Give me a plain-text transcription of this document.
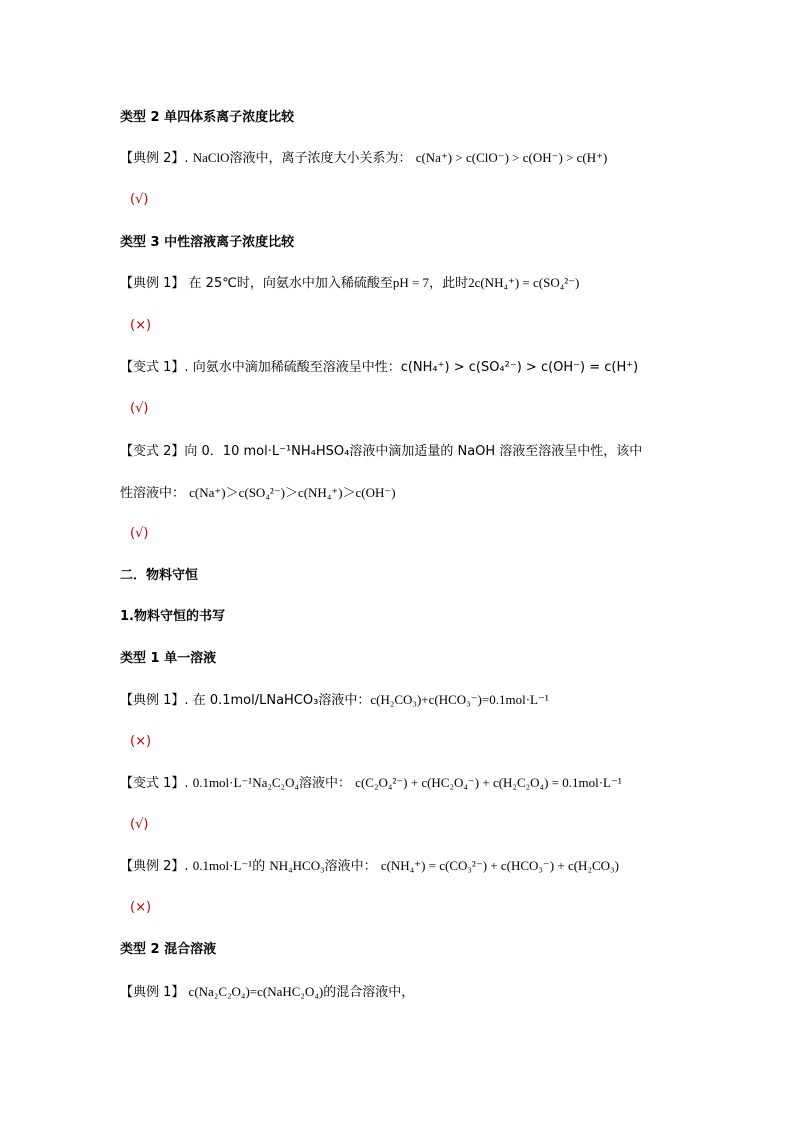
类型 2 单四体系离子浓度比较
【典例 2】. NaClO溶液中，离子浓度大小关系为： c(Na⁺) > c(ClO⁻) > c(OH⁻) > c(H⁺)
(√)
类型 3 中性溶液离子浓度比较
【典例 1】 在 25℃时，向氨水中加入稀硫酸至pH = 7，此时2c(NH₄⁺) = c(SO₄²⁻)
(×)
【变式 1】. 向氨水中滴加稀硫酸至溶液呈中性：c(NH₄⁺) > c(SO₄²⁻) > c(OH⁻) = c(H⁺)
(√)
【变式 2】向 0．10 mol·L⁻¹NH₄HSO₄溶液中滴加适量的 NaOH 溶液至溶液呈中性，该中
性溶液中： c(Na⁺)＞c(SO₄²⁻)＞c(NH₄⁺)＞c(OH⁻)
(√)
二．物料守恒
1.物料守恒的书写
类型 1 单一溶液
【典例 1】. 在 0.1mol/LNaHCO₃溶液中：c(H₂CO₃)+c(HCO₃⁻)=0.1mol·L⁻¹
(×)
【变式 1】. 0.1mol·L⁻¹Na₂C₂O₄溶液中： c(C₂O₄²⁻) + c(HC₂O₄⁻) + c(H₂C₂O₄) = 0.1mol·L⁻¹
(√)
【典例 2】. 0.1mol·L⁻¹的 NH₄HCO₃溶液中： c(NH₄⁺) = c(CO₃²⁻) + c(HCO₃⁻) + c(H₂CO₃)
(×)
类型 2 混合溶液
【典例 1】 c(Na₂C₂O₄)=c(NaHC₂O₄)的混合溶液中，
